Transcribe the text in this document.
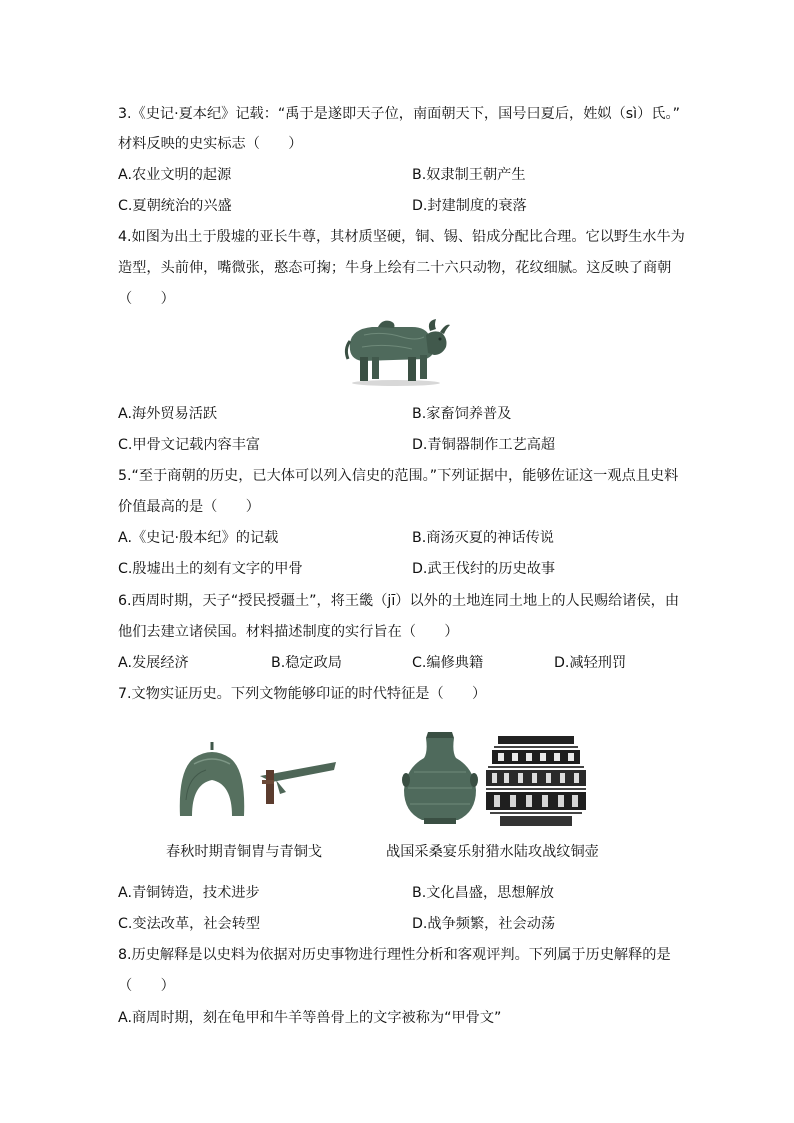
3.《史记·夏本纪》记载：“禹于是遂即天子位，南面朝天下，国号曰夏后，姓姒（sì）氏。”
材料反映的史实标志（　　）
A.农业文明的起源	B.奴隶制王朝产生
C.夏朝统治的兴盛	D.封建制度的衰落
4.如图为出土于殷墟的亚长牛尊，其材质坚硬，铜、锡、铅成分配比合理。它以野生水牛为
造型，头前伸，嘴微张，憨态可掬；牛身上绘有二十六只动物，花纹细腻。这反映了商朝
（　　）
A.海外贸易活跃	B.家畜饲养普及
C.甲骨文记载内容丰富	D.青铜器制作工艺高超
5.“至于商朝的历史，已大体可以列入信史的范围。”下列证据中，能够佐证这一观点且史料
价值最高的是（　　）
A.《史记·殷本纪》的记载	B.商汤灭夏的神话传说
C.殷墟出土的刻有文字的甲骨	D.武王伐纣的历史故事
6.西周时期，天子“授民授疆土”，将王畿（jī）以外的土地连同土地上的人民赐给诸侯，由
他们去建立诸侯国。材料描述制度的实行旨在（　　）
A.发展经济	B.稳定政局	C.编修典籍	D.减轻刑罚
7.文物实证历史。下列文物能够印证的时代特征是（　　）
春秋时期青铜胄与青铜戈	战国采桑宴乐射猎水陆攻战纹铜壶
A.青铜铸造，技术进步	B.文化昌盛，思想解放
C.变法改革，社会转型	D.战争频繁，社会动荡
8.历史解释是以史料为依据对历史事物进行理性分析和客观评判。下列属于历史解释的是
（　　）
A.商周时期，刻在龟甲和牛羊等兽骨上的文字被称为“甲骨文”
